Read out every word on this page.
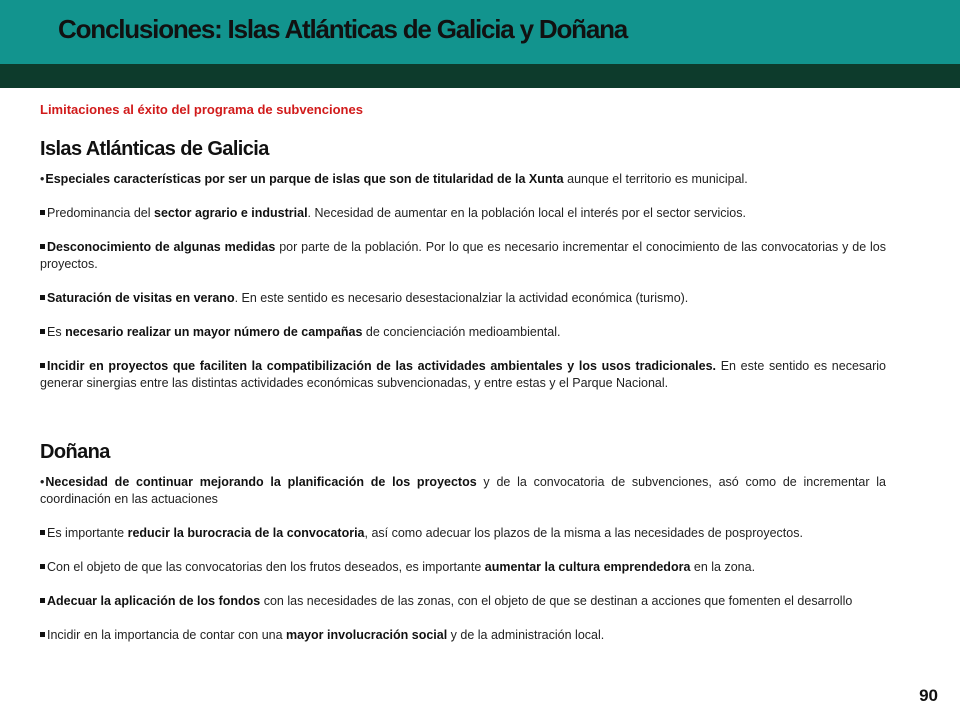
Conclusiones: Islas Atlánticas de Galicia y Doñana
Limitaciones al éxito del programa de subvenciones
Islas Atlánticas de Galicia

•Especiales características por ser un parque de islas que son de titularidad de la Xunta aunque el territorio es municipal.

Predominancia del sector agrario e industrial. Necesidad de aumentar en la población local el interés por el sector servicios.

Desconocimiento de algunas medidas por parte de la población. Por lo que es necesario incrementar el conocimiento de las convocatorias y de los proyectos.

Saturación de visitas en verano. En este sentido es necesario desestacionalziar la actividad económica (turismo).

Es necesario realizar un mayor número de campañas de concienciación medioambiental.

Incidir en proyectos que faciliten la compatibilización de las actividades ambientales y los usos tradicionales. En este sentido es necesario generar sinergias entre las distintas actividades económicas subvencionadas, y entre estas y el Parque Nacional.

Doñana

•Necesidad de continuar mejorando la planificación de los proyectos y de la convocatoria de subvenciones, asó como de incrementar la coordinación en las actuaciones

Es importante reducir la burocracia de la convocatoria, así como adecuar los plazos de la misma a las necesidades de posproyectos.

Con el objeto de que las convocatorias den los frutos deseados, es importante aumentar la cultura emprendedora en la zona.

Adecuar la aplicación de los fondos con las necesidades de las zonas, con el objeto de que se destinan a acciones que fomenten el desarrollo

Incidir en la importancia de contar con una mayor involucración social y de la administración local.

90
